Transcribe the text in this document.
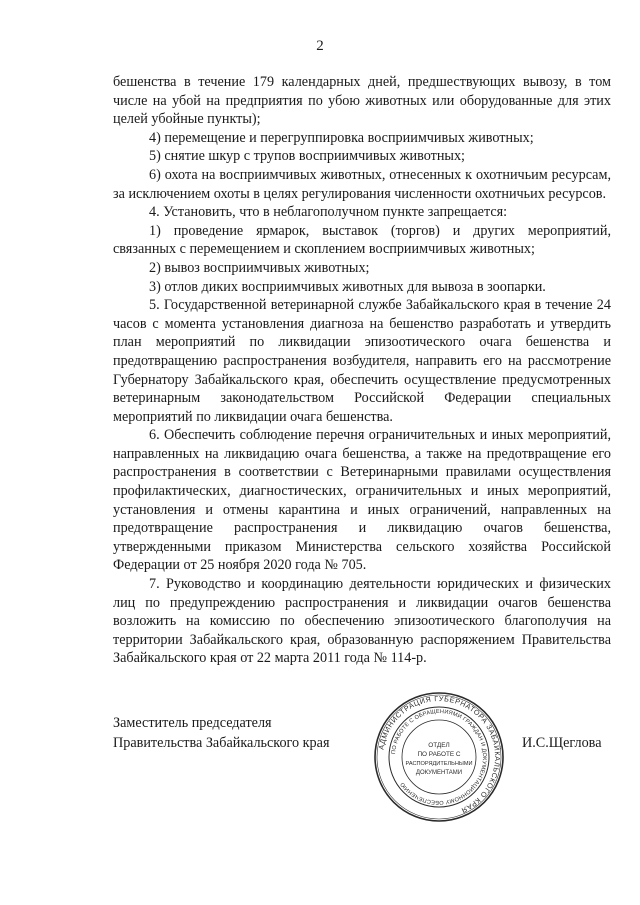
2

бешенства в течение 179 календарных дней, предшествующих вывозу, в том числе на убой на предприятия по убою животных или оборудованные для этих целей убойные пункты);

4) перемещение и перегруппировка восприимчивых животных;

5) снятие шкур с трупов восприимчивых животных;

6) охота на восприимчивых животных, отнесенных к охотничьим ресурсам, за исключением охоты в целях регулирования численности охотничьих ресурсов.

4. Установить, что в неблагополучном пункте запрещается:

1) проведение ярмарок, выставок (торгов) и других мероприятий, связанных с перемещением и скоплением восприимчивых животных;

2) вывоз восприимчивых животных;

3) отлов диких восприимчивых животных для вывоза в зоопарки.

5. Государственной ветеринарной службе Забайкальского края в течение 24 часов с момента установления диагноза на бешенство разработать и утвердить план мероприятий по ликвидации эпизоотического очага бешенства и предотвращению распространения возбудителя, направить его на рассмотрение Губернатору Забайкальского края, обеспечить осуществление предусмотренных ветеринарным законодательством Российской Федерации специальных мероприятий по ликвидации очага бешенства.

6. Обеспечить соблюдение перечня ограничительных и иных мероприятий, направленных на ликвидацию очага бешенства, а также на предотвращение его распространения в соответствии с Ветеринарными правилами осуществления профилактических, диагностических, ограничительных и иных мероприятий, установления и отмены карантина и иных ограничений, направленных на предотвращение распространения и ликвидацию очагов бешенства, утвержденными приказом Министерства сельского хозяйства Российской Федерации от 25 ноября 2020 года № 705.

7. Руководство и координацию деятельности юридических и физических лиц по предупреждению распространения и ликвидации очагов бешенства возложить на комиссию по обеспечению эпизоотического благополучия на территории Забайкальского края, образованную распоряжением Правительства Забайкальского края от 22 марта 2011 года № 114-р.

Заместитель председателя
Правительства Забайкальского края	АДМИНИСТРАЦИЯ ГУБЕРНАТОРА ЗАБАЙКАЛЬСКОГО КРАЯ
ПО РАБОТЕ С ОБРАЩЕНИЯМИ ГРАЖДАН И ДОКУМЕНТАЦИОННОМУ ОБЕСПЕЧЕНИЮ
ОТДЕЛ
ПО РАБОТЕ С
РАСПОРЯДИТЕЛЬНЫМИ
ДОКУМЕНТАМИ
И.С.Щеглова
